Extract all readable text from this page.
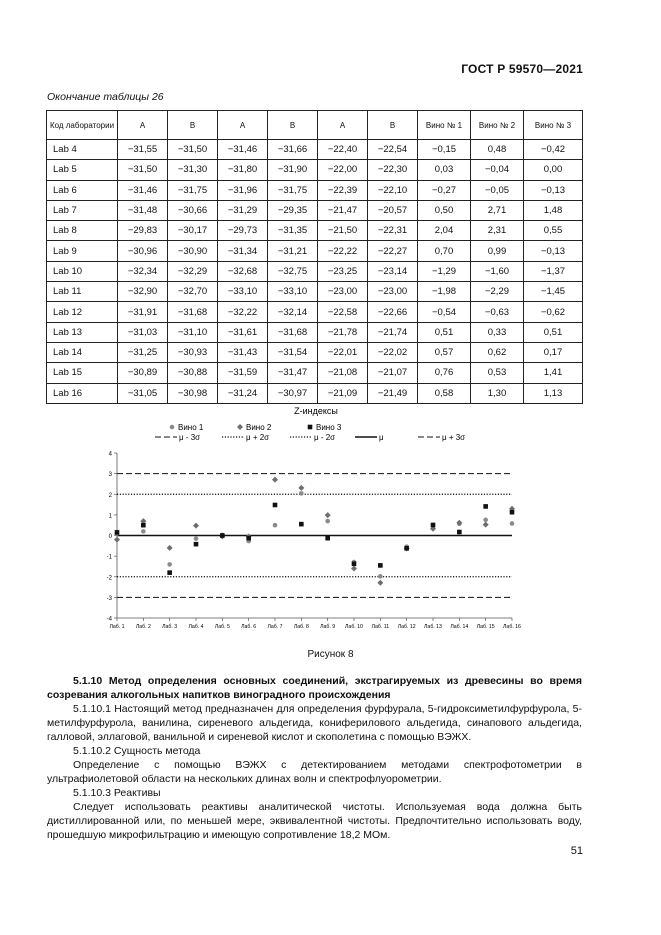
ГОСТ Р 59570—2021
Окончание таблицы 26
Код лаборатории	A	B	A	B	A	B	Вино № 1	Вино № 2	Вино № 3
Lab 4	−31,55	−31,50	−31,46	−31,66	−22,40	−22,54	−0,15	0,48	−0,42
Lab 5	−31,50	−31,30	−31,80	−31,90	−22,00	−22,30	0,03	−0,04	0,00
Lab 6	−31,46	−31,75	−31,96	−31,75	−22,39	−22,10	−0,27	−0,05	−0,13
Lab 7	−31,48	−30,66	−31,29	−29,35	−21,47	−20,57	0,50	2,71	1,48
Lab 8	−29,83	−30,17	−29,73	−31,35	−21,50	−22,31	2,04	2,31	0,55
Lab 9	−30,96	−30,90	−31,34	−31,21	−22,22	−22,27	0,70	0,99	−0,13
Lab 10	−32,34	−32,29	−32,68	−32,75	−23,25	−23,14	−1,29	−1,60	−1,37
Lab 11	−32,90	−32,70	−33,10	−33,10	−23,00	−23,00	−1,98	−2,29	−1,45
Lab 12	−31,91	−31,68	−32,22	−32,14	−22,58	−22,66	−0,54	−0,63	−0,62
Lab 13	−31,03	−31,10	−31,61	−31,68	−21,78	−21,74	0,51	0,33	0,51
Lab 14	−31,25	−30,93	−31,43	−31,54	−22,01	−22,02	0,57	0,62	0,17
Lab 15	−30,89	−30,88	−31,59	−31,47	−21,08	−21,07	0,76	0,53	1,41
Lab 16	−31,05	−30,98	−31,24	−30,97	−21,09	−21,49	0,58	1,30	1,13
Z-индексы
4
3
2
1
0
-1
-2
-3
-4
Лаб. 1 Лаб. 2 Лаб. 3 Лаб. 4 Лаб. 5 Лаб. 6 Лаб. 7 Лаб. 8 Лаб. 9 Лаб. 10 Лаб. 11 Лаб. 12 Лаб. 13 Лаб. 14 Лаб. 15 Лаб. 16
Вино 1	Вино 2	Вино 3
μ - 3σ	μ + 2σ	μ - 2σ	μ	μ + 3σ
Рисунок 8
5.1.10 Метод определения основных соединений, экстрагируемых из древесины во время созревания алкогольных напитков виноградного происхождения
5.1.10.1 Настоящий метод предназначен для определения фурфурала, 5-гидроксиметилфурфурола, 5-метилфурфурола, ванилина, сиреневого альдегида, кониферилового альдегида, синапового альдегида, галловой, эллаговой, ванильной и сиреневой кислот и скополетина с помощью ВЭЖХ.
5.1.10.2 Сущность метода
Определение с помощью ВЭЖХ с детектированием методами спектрофотометрии в ультрафиолетовой области на нескольких длинах волн и спектрофлуорометрии.
5.1.10.3 Реактивы
Следует использовать реактивы аналитической чистоты. Используемая вода должна быть дистиллированной или, по меньшей мере, эквивалентной чистоты. Предпочтительно использовать воду, прошедшую микрофильтрацию и имеющую сопротивление 18,2 МОм.
51
